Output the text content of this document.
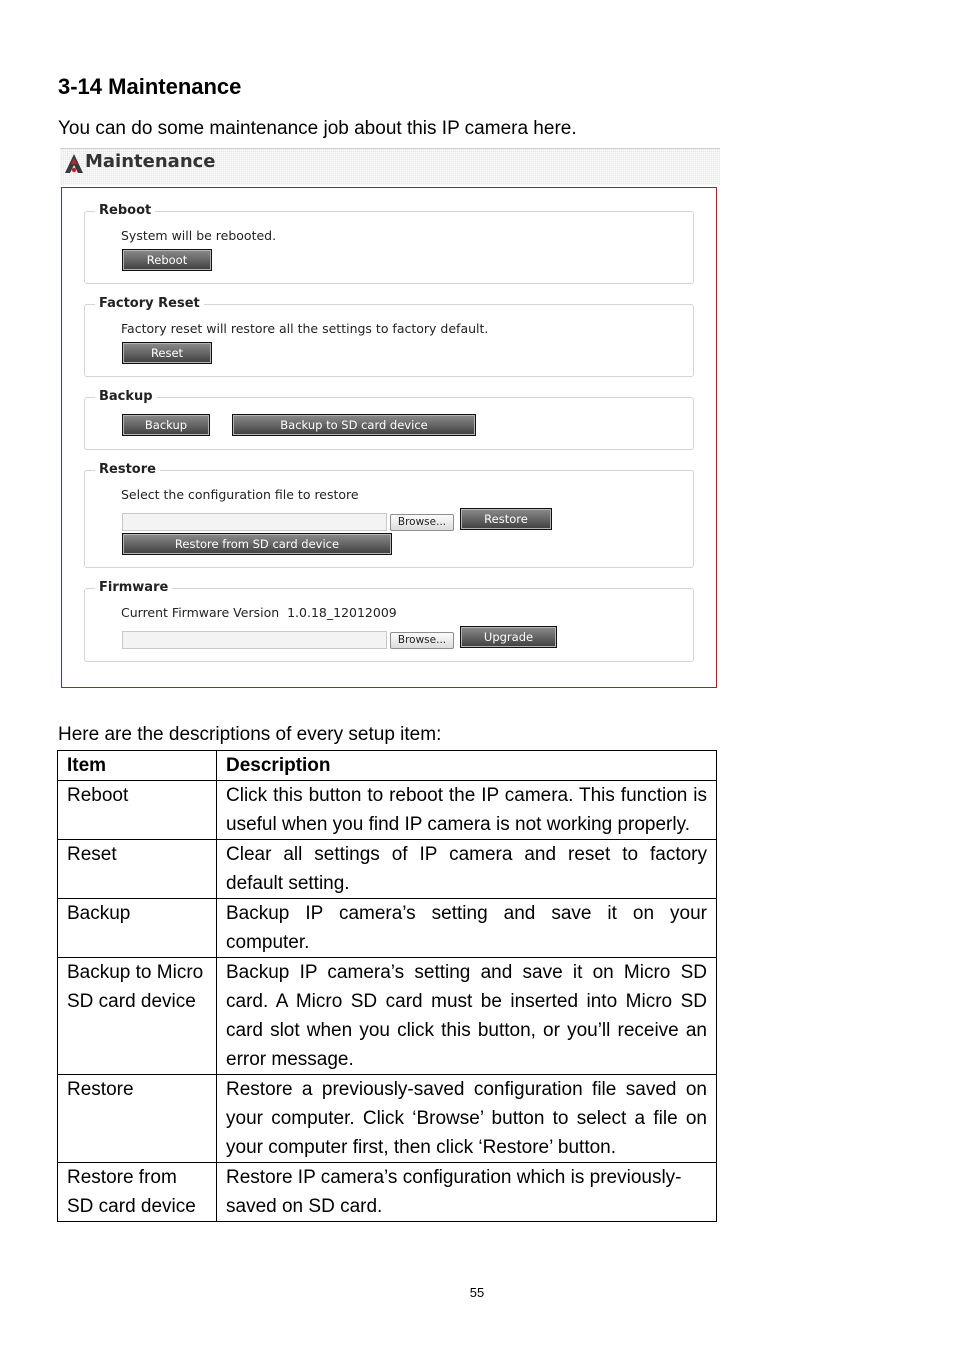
3-14 Maintenance
You can do some maintenance job about this IP camera here.
Maintenance
Reboot
System will be rebooted.
Reboot
Factory Reset
Factory reset will restore all the settings to factory default.
Reset
Backup
Backup	Backup to SD card device
Restore
Select the configuration file to restore
Browse...	Restore
Restore from SD card device
Firmware
Current Firmware Version 1.0.18_12012009
Browse...	Upgrade
Here are the descriptions of every setup item:
Item	Description
Reboot	Click this button to reboot the IP camera. This function is useful when you find IP camera is not working properly.
Reset	Clear all settings of IP camera and reset to factory default setting.
Backup	Backup IP camera’s setting and save it on your computer.
Backup to Micro SD card device	Backup IP camera’s setting and save it on Micro SD card. A Micro SD card must be inserted into Micro SD card slot when you click this button, or you’ll receive an error message.
Restore	Restore a previously-saved configuration file saved on your computer. Click ‘Browse’ button to select a file on your computer first, then click ‘Restore’ button.
Restore from SD card device	Restore IP camera’s configuration which is previously-saved on SD card.
55
